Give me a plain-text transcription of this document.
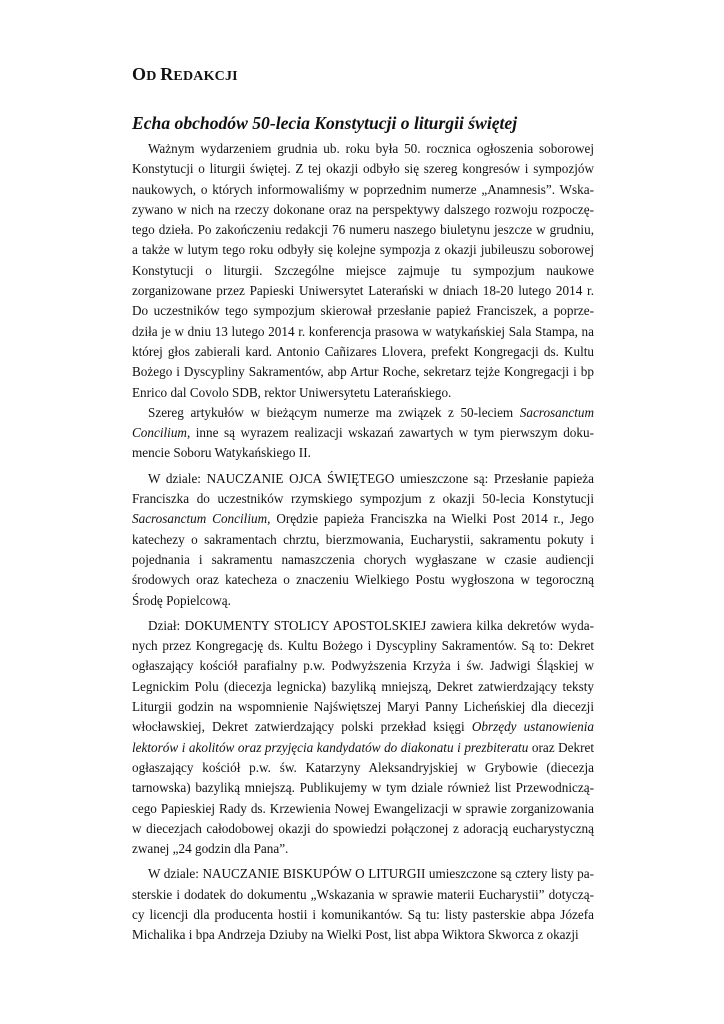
OD REDAKCJI
Echa obchodów 50-lecia Konstytucji o liturgii świętej

Ważnym wydarzeniem grudnia ub. roku była 50. rocznica ogłoszenia soborowej Konstytucji o liturgii świętej. Z tej okazji odbyło się szereg kongresów i sympozjów naukowych, o których informowaliśmy w poprzednim numerze „Anamnesis”. Wskazywano w nich na rzeczy dokonane oraz na perspektywy dalszego rozwoju rozpoczętego dzieła. Po zakończeniu redakcji 76 numeru naszego biuletynu jeszcze w grudniu, a także w lutym tego roku odbyły się kolejne sympozja z okazji jubileuszu soborowej Konstytucji o liturgii. Szczególne miejsce zajmuje tu sympozjum naukowe zorganizowane przez Papieski Uniwersytet Laterański w dniach 18-20 lutego 2014 r. Do uczestników tego sympozjum skierował przesłanie papież Franciszek, a poprzedziła je w dniu 13 lutego 2014 r. konferencja prasowa w watykańskiej Sala Stampa, na której głos zabierali kard. Antonio Cañizares Llovera, prefekt Kongregacji ds. Kultu Bożego i Dyscypliny Sakramentów, abp Artur Roche, sekretarz tejże Kongregacji i bp Enrico dal Covolo SDB, rektor Uniwersytetu Laterańskiego.

Szereg artykułów w bieżącym numerze ma związek z 50-leciem Sacrosanctum Concilium, inne są wyrazem realizacji wskazań zawartych w tym pierwszym dokumencie Soboru Watykańskiego II.

W dziale: NAUCZANIE OJCA ŚWIĘTEGO umieszczone są: Przesłanie papieża Franciszka do uczestników rzymskiego sympozjum z okazji 50-lecia Konstytucji Sacrosanctum Concilium, Orędzie papieża Franciszka na Wielki Post 2014 r., Jego katechezy o sakramentach chrztu, bierzmowania, Eucharystii, sakramentu pokuty i pojednania i sakramentu namaszczenia chorych wygłaszane w czasie audiencji środowych oraz katecheza o znaczeniu Wielkiego Postu wygłoszona w tegoroczną Środę Popielcową.

Dział: DOKUMENTY STOLICY APOSTOLSKIEJ zawiera kilka dekretów wydanych przez Kongregację ds. Kultu Bożego i Dyscypliny Sakramentów. Są to: Dekret ogłaszający kościół parafialny p.w. Podwyższenia Krzyża i św. Jadwigi Śląskiej w Legnickim Polu (diecezja legnicka) bazyliką mniejszą, Dekret zatwierdzający teksty Liturgii godzin na wspomnienie Najświętszej Maryi Panny Licheńskiej dla diecezji włocławskiej, Dekret zatwierdzający polski przekład księgi Obrzędy ustanowienia lektorów i akolitów oraz przyjęcia kandydatów do diakonatu i prezbiteratu oraz Dekret ogłaszający kościół p.w. św. Katarzyny Aleksandryjskiej w Grybowie (diecezja tarnowska) bazyliką mniejszą. Publikujemy w tym dziale również list Przewodniczącego Papieskiej Rady ds. Krzewienia Nowej Ewangelizacji w sprawie zorganizowania w diecezjach całodobowej okazji do spowiedzi połączonej z adoracją eucharystyczną zwanej „24 godzin dla Pana”.

W dziale: NAUCZANIE BISKUPÓW O LITURGII umieszczone są cztery listy pasterskie i dodatek do dokumentu „Wskazania w sprawie materii Eucharystii” dotyczący licencji dla producenta hostii i komunikantów. Są tu: listy pasterskie abpa Józefa Michalika i bpa Andrzeja Dziuby na Wielki Post, list abpa Wiktora Skworca z okazji
